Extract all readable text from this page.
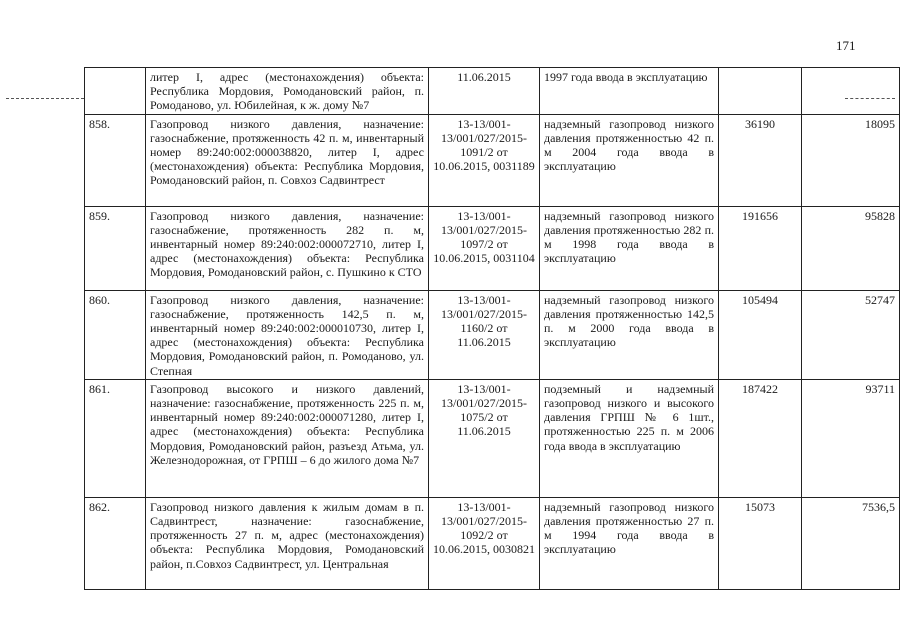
171
	литер I, адрес (местонахождения) объекта: Республика Мордовия, Ромодановский район, п. Ромоданово, ул. Юбилейная, к ж. дому №7	11.06.2015	1997 года ввода в эксплуатацию		
858.	Газопровод низкого давления, назначение: газоснабжение, протяженность 42 п. м, инвентарный номер 89:240:002:000038820, литер I, адрес (местонахождения) объекта: Республика Мордовия, Ромодановский район, п. Совхоз Садвинтрест	13-13/001-13/001/027/2015-1091/2 от 10.06.2015, 0031189	надземный газопровод низкого давления протяженностью 42 п. м 2004 года ввода в эксплуатацию	36190	18095
859.	Газопровод низкого давления, назначение: газоснабжение, протяженность 282 п. м, инвентарный номер 89:240:002:000072710, литер I, адрес (местонахождения) объекта: Республика Мордовия, Ромодановский район, с. Пушкино к СТО	13-13/001-13/001/027/2015-1097/2 от 10.06.2015, 0031104	надземный газопровод низкого давления протяженностью 282 п. м 1998 года ввода в эксплуатацию	191656	95828
860.	Газопровод низкого давления, назначение: газоснабжение, протяженность 142,5 п. м, инвентарный номер 89:240:002:000010730, литер I, адрес (местонахождения) объекта: Республика Мордовия, Ромодановский район, п. Ромоданово, ул. Степная	13-13/001-13/001/027/2015-1160/2 от 11.06.2015	надземный газопровод низкого давления протяженностью 142,5 п. м 2000 года ввода в эксплуатацию	105494	52747
861.	Газопровод высокого и низкого давлений, назначение: газоснабжение, протяженность 225 п. м, инвентарный номер 89:240:002:000071280, литер I, адрес (местонахождения) объекта: Республика Мордовия, Ромодановский район, разъезд Атьма, ул. Железнодорожная, от ГРПШ – 6 до жилого дома №7	13-13/001-13/001/027/2015-1075/2 от 11.06.2015	подземный и надземный газопровод низкого и высокого давления ГРПШ № 6 1шт., протяженностью 225 п. м 2006 года ввода в эксплуатацию	187422	93711
862.	Газопровод низкого давления к жилым домам в п. Садвинтрест, назначение: газоснабжение, протяженность 27 п. м, адрес (местонахождения) объекта: Республика Мордовия, Ромодановский район, п.Совхоз Садвинтрест, ул. Центральная	13-13/001-13/001/027/2015-1092/2 от 10.06.2015, 0030821	надземный газопровод низкого давления протяженностью 27 п. м 1994 года ввода в эксплуатацию	15073	7536,5
